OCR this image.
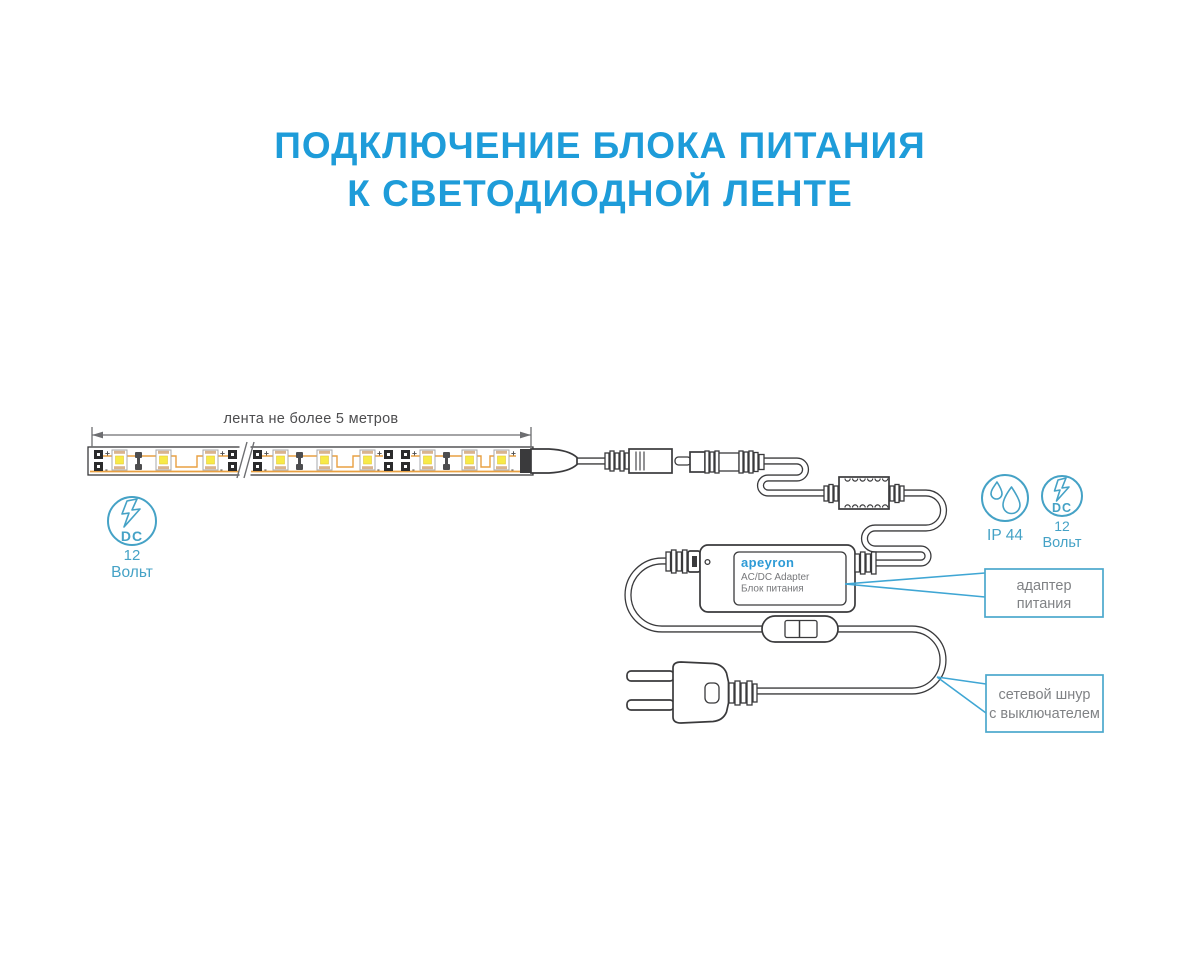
ПОДКЛЮЧЕНИЕ БЛОКА ПИТАНИЯ
К СВЕТОДИОДНОЙ ЛЕНТЕ
+
-
+
-
+
-
+
-
+
-
+
-
лента не более 5 метров
apeyron
AC/DC Adapter
Блок питания	адаптер
питания
сетевой шнур
с выключателем
DC
12
Вольт
IP 44
DC
12
Вольт
